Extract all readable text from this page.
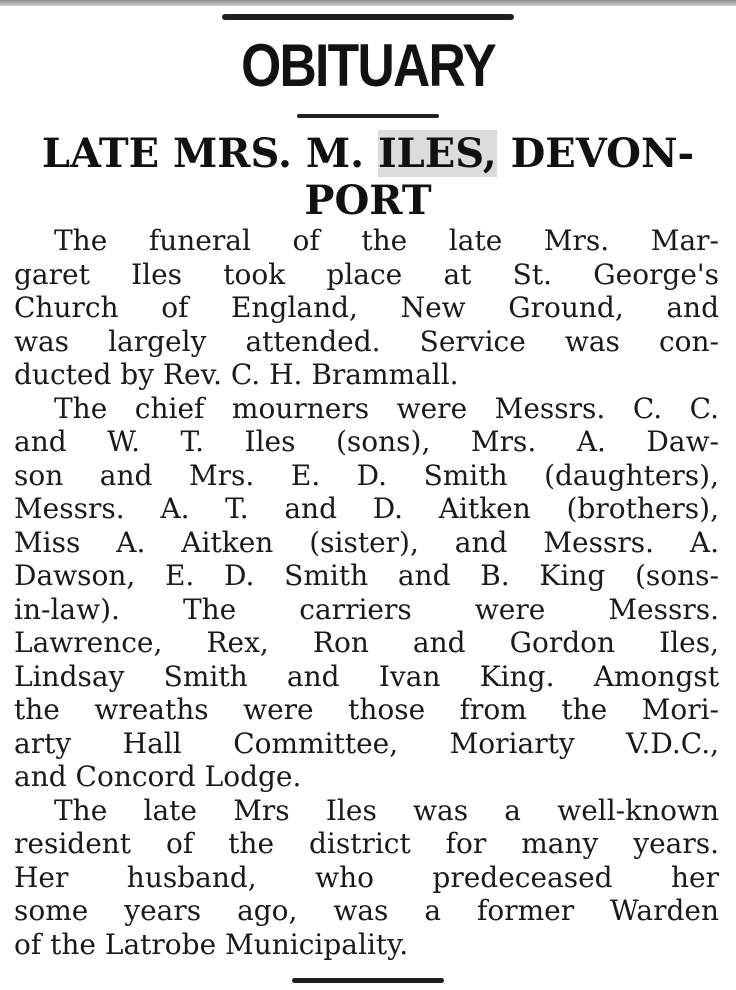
OBITUARY
LATE MRS. M. ILES, DEVON-
PORT
The funeral of the late Mrs. Mar-
garet Iles took place at St. George's
Church of England, New Ground, and
was largely attended. Service was con-
ducted by Rev. C. H. Brammall.
The chief mourners were Messrs. C. C.
and W. T. Iles (sons), Mrs. A. Daw-
son and Mrs. E. D. Smith (daughters),
Messrs. A. T. and D. Aitken (brothers),
Miss A. Aitken (sister), and Messrs. A.
Dawson, E. D. Smith and B. King (sons-
in-law). The carriers were Messrs.
Lawrence, Rex, Ron and Gordon Iles,
Lindsay Smith and Ivan King. Amongst
the wreaths were those from the Mori-
arty Hall Committee, Moriarty V.D.C.,
and Concord Lodge.
The late Mrs Iles was a well-known
resident of the district for many years.
Her husband, who predeceased her
some years ago, was a former Warden
of the Latrobe Municipality.
